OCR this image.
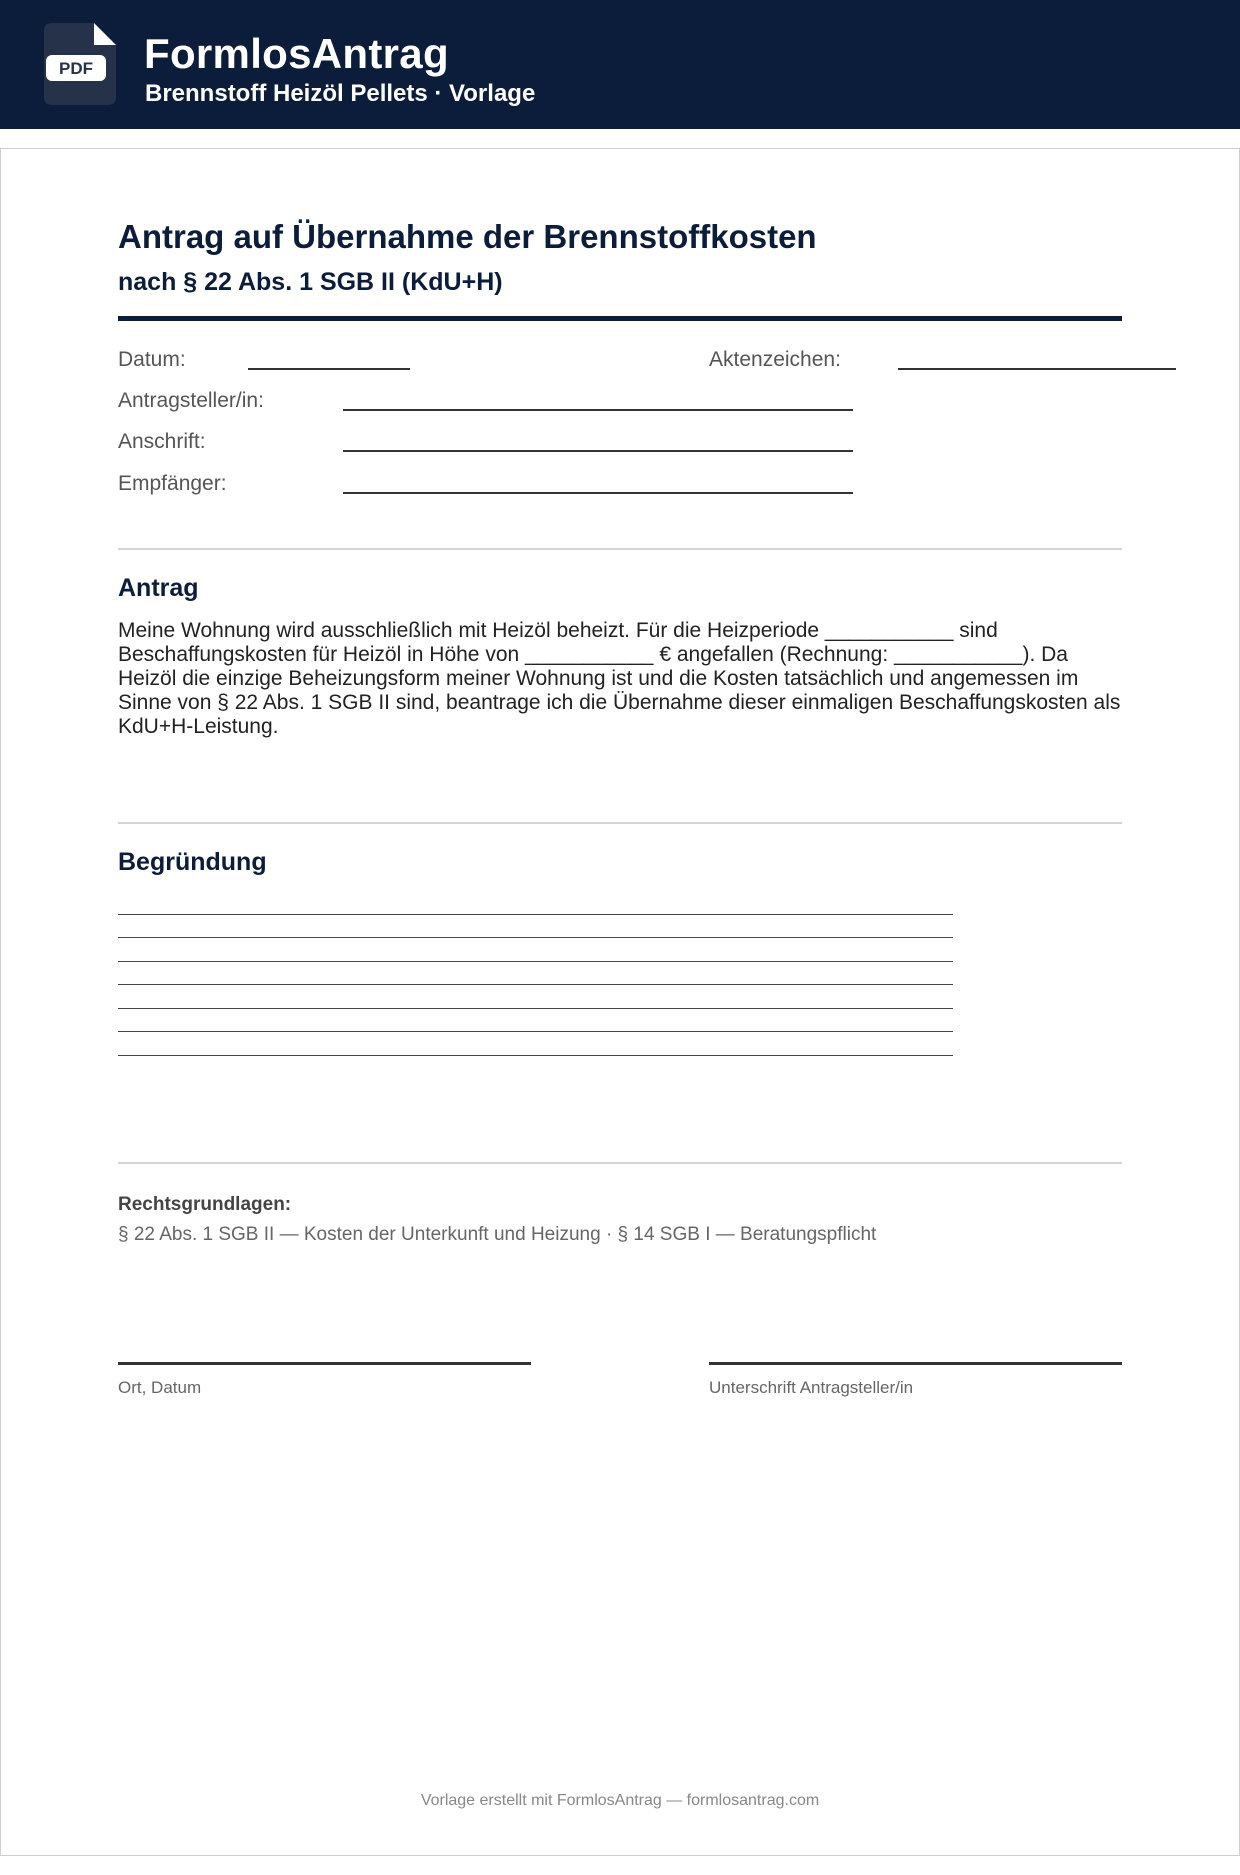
PDF FormlosAntrag
Brennstoff Heizöl Pellets · Vorlage
Antrag auf Übernahme der Brennstoffkosten
nach § 22 Abs. 1 SGB II (KdU+H)
Datum:	Aktenzeichen:
Antragsteller/in:
Anschrift:
Empfänger:
Antrag
Meine Wohnung wird ausschließlich mit Heizöl beheizt. Für die Heizperiode ___________ sind Beschaffungskosten für Heizöl in Höhe von ___________ € angefallen (Rechnung: ___________). Da Heizöl die einzige Beheizungsform meiner Wohnung ist und die Kosten tatsächlich und angemessen im Sinne von § 22 Abs. 1 SGB II sind, beantrage ich die Übernahme dieser einmaligen Beschaffungskosten als KdU+H-Leistung.
Begründung
Rechtsgrundlagen:
§ 22 Abs. 1 SGB II — Kosten der Unterkunft und Heizung · § 14 SGB I — Beratungspflicht
Ort, Datum	Unterschrift Antragsteller/in
Vorlage erstellt mit FormlosAntrag — formlosantrag.com
